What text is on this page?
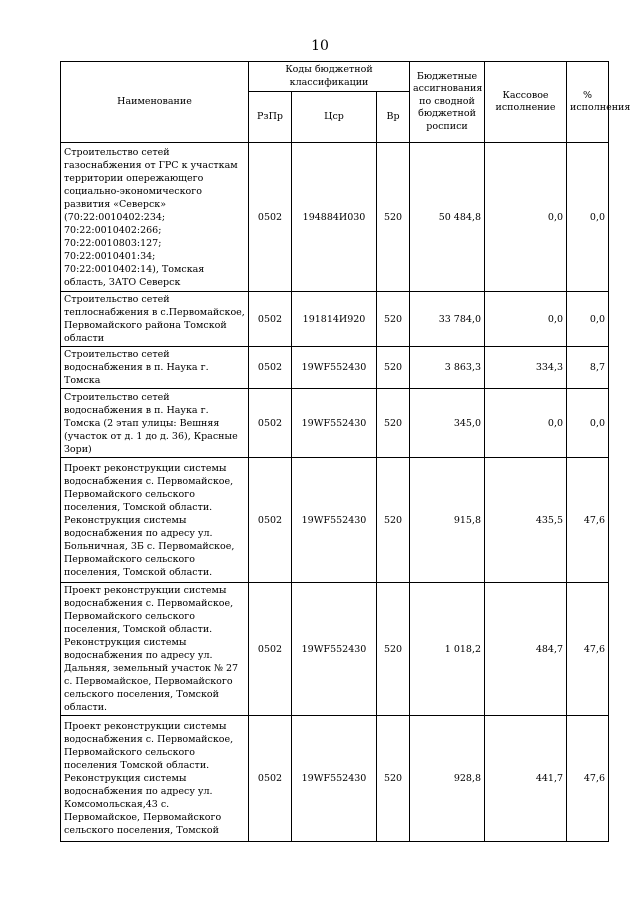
10
Наименование	Коды бюджетной классификации			Бюджетные ассигнования по сводной бюджетной росписи	Кассовое исполнение	% исполнения
	РзПр	Цср	Вр			
Строительство сетей газоснабжения от ГРС к участкам территории опережающего социально-экономического развития «Северск» (70:22:0010402:234; 70:22:0010402:266; 70:22:0010803:127; 70:22:0010401:34; 70:22:0010402:14), Томская область, ЗАТО Северск	0502	194884И030	520	50 484,8	0,0	0,0
Строительство сетей теплоснабжения в с.Первомайское, Первомайского района Томской области	0502	191814И920	520	33 784,0	0,0	0,0
Строительство сетей водоснабжения в п. Наука г. Томска	0502	19WF552430	520	3 863,3	334,3	8,7
Строительство сетей водоснабжения в п. Наука г. Томска (2 этап улицы: Вешняя (участок от д. 1 до д. 36), Красные Зори)	0502	19WF552430	520	345,0	0,0	0,0
Проект реконструкции системы водоснабжения с. Первомайское, Первомайского сельского поселения, Томской области. Реконструкция системы водоснабжения по адресу ул. Больничная, 3Б с. Первомайское, Первомайского сельского поселения, Томской области.	0502	19WF552430	520	915,8	435,5	47,6
Проект реконструкции системы водоснабжения с. Первомайское, Первомайского сельского поселения, Томской области. Реконструкция системы водоснабжения по адресу ул. Дальняя, земельный участок № 27 с. Первомайское, Первомайского сельского поселения, Томской области.	0502	19WF552430	520	1 018,2	484,7	47,6
Проект реконструкции системы водоснабжения с. Первомайское, Первомайского сельского поселения Томской области. Реконструкция системы водоснабжения по адресу ул. Комсомольская,43 с. Первомайское, Первомайского сельского поселения, Томской	0502	19WF552430	520	928,8	441,7	47,6
